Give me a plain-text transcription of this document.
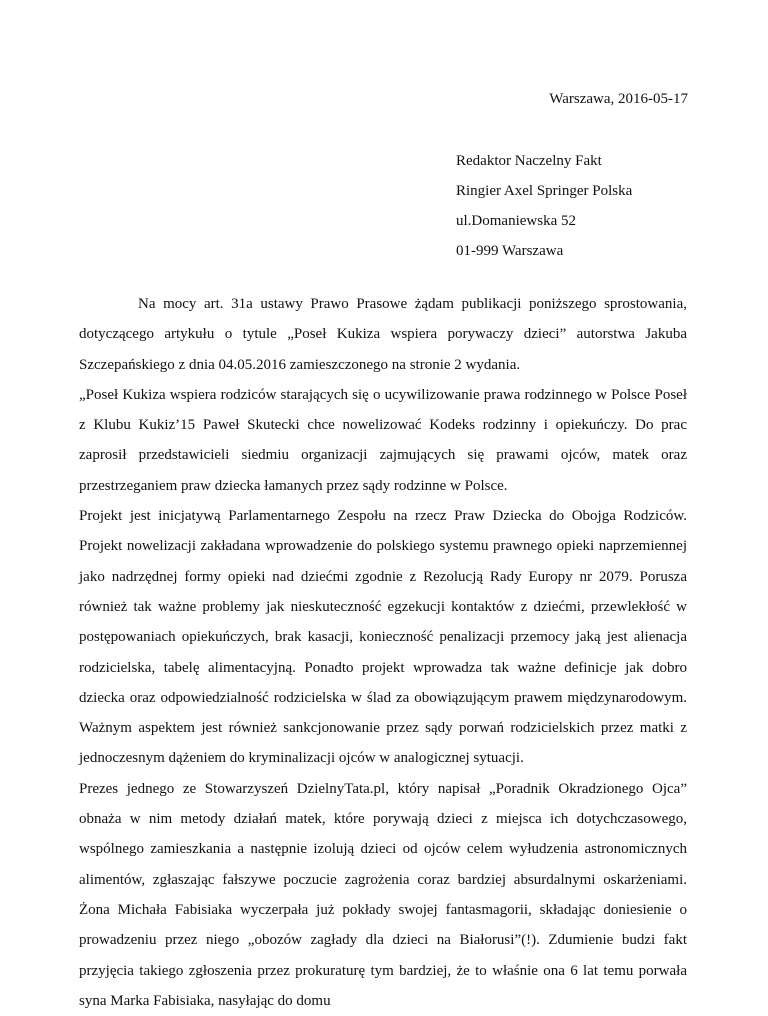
Warszawa, 2016-05-17
Redaktor Naczelny Fakt
Ringier Axel Springer Polska
ul.Domaniewska 52
01-999 Warszawa

Na mocy art. 31a ustawy Prawo Prasowe żądam publikacji poniższego sprostowania, dotyczącego artykułu o tytule „Poseł Kukiza wspiera porywaczy dzieci” autorstwa Jakuba Szczepańskiego z dnia 04.05.2016 zamieszczonego na stronie 2 wydania.

„Poseł Kukiza wspiera rodziców starających się o ucywilizowanie prawa rodzinnego w Polsce Poseł z Klubu Kukiz’15 Paweł Skutecki chce nowelizować Kodeks rodzinny i opiekuńczy. Do prac zaprosił przedstawicieli siedmiu organizacji zajmujących się prawami ojców, matek oraz przestrzeganiem praw dziecka łamanych przez sądy rodzinne w Polsce.

Projekt jest inicjatywą Parlamentarnego Zespołu na rzecz Praw Dziecka do Obojga Rodziców. Projekt nowelizacji zakładana wprowadzenie do polskiego systemu prawnego opieki naprzemiennej jako nadrzędnej formy opieki nad dziećmi zgodnie z Rezolucją Rady Europy nr 2079. Porusza również tak ważne problemy jak nieskuteczność egzekucji kontaktów z dziećmi, przewlekłość w postępowaniach opiekuńczych, brak kasacji, konieczność penalizacji przemocy jaką jest alienacja rodzicielska, tabelę alimentacyjną. Ponadto projekt wprowadza tak ważne definicje jak dobro dziecka oraz odpowiedzialność rodzicielska w ślad za obowiązującym prawem międzynarodowym. Ważnym aspektem jest również sankcjonowanie przez sądy porwań rodzicielskich przez matki z jednoczesnym dążeniem do kryminalizacji ojców w analogicznej sytuacji.

Prezes jednego ze Stowarzyszeń DzielnyTata.pl, który napisał „Poradnik Okradzionego Ojca” obnaża w nim metody działań matek, które porywają dzieci z miejsca ich dotychczasowego, wspólnego zamieszkania a następnie izolują dzieci od ojców celem wyłudzenia astronomicznych alimentów, zgłaszając fałszywe poczucie zagrożenia coraz bardziej absurdalnymi oskarżeniami. Żona Michała Fabisiaka wyczerpała już pokłady swojej fantasmagorii, składając doniesienie o prowadzeniu przez niego „obozów zagłady dla dzieci na Białorusi”(!). Zdumienie budzi fakt przyjęcia takiego zgłoszenia przez prokuraturę tym bardziej, że to właśnie ona 6 lat temu porwała syna Marka Fabisiaka, nasyłając do domu
